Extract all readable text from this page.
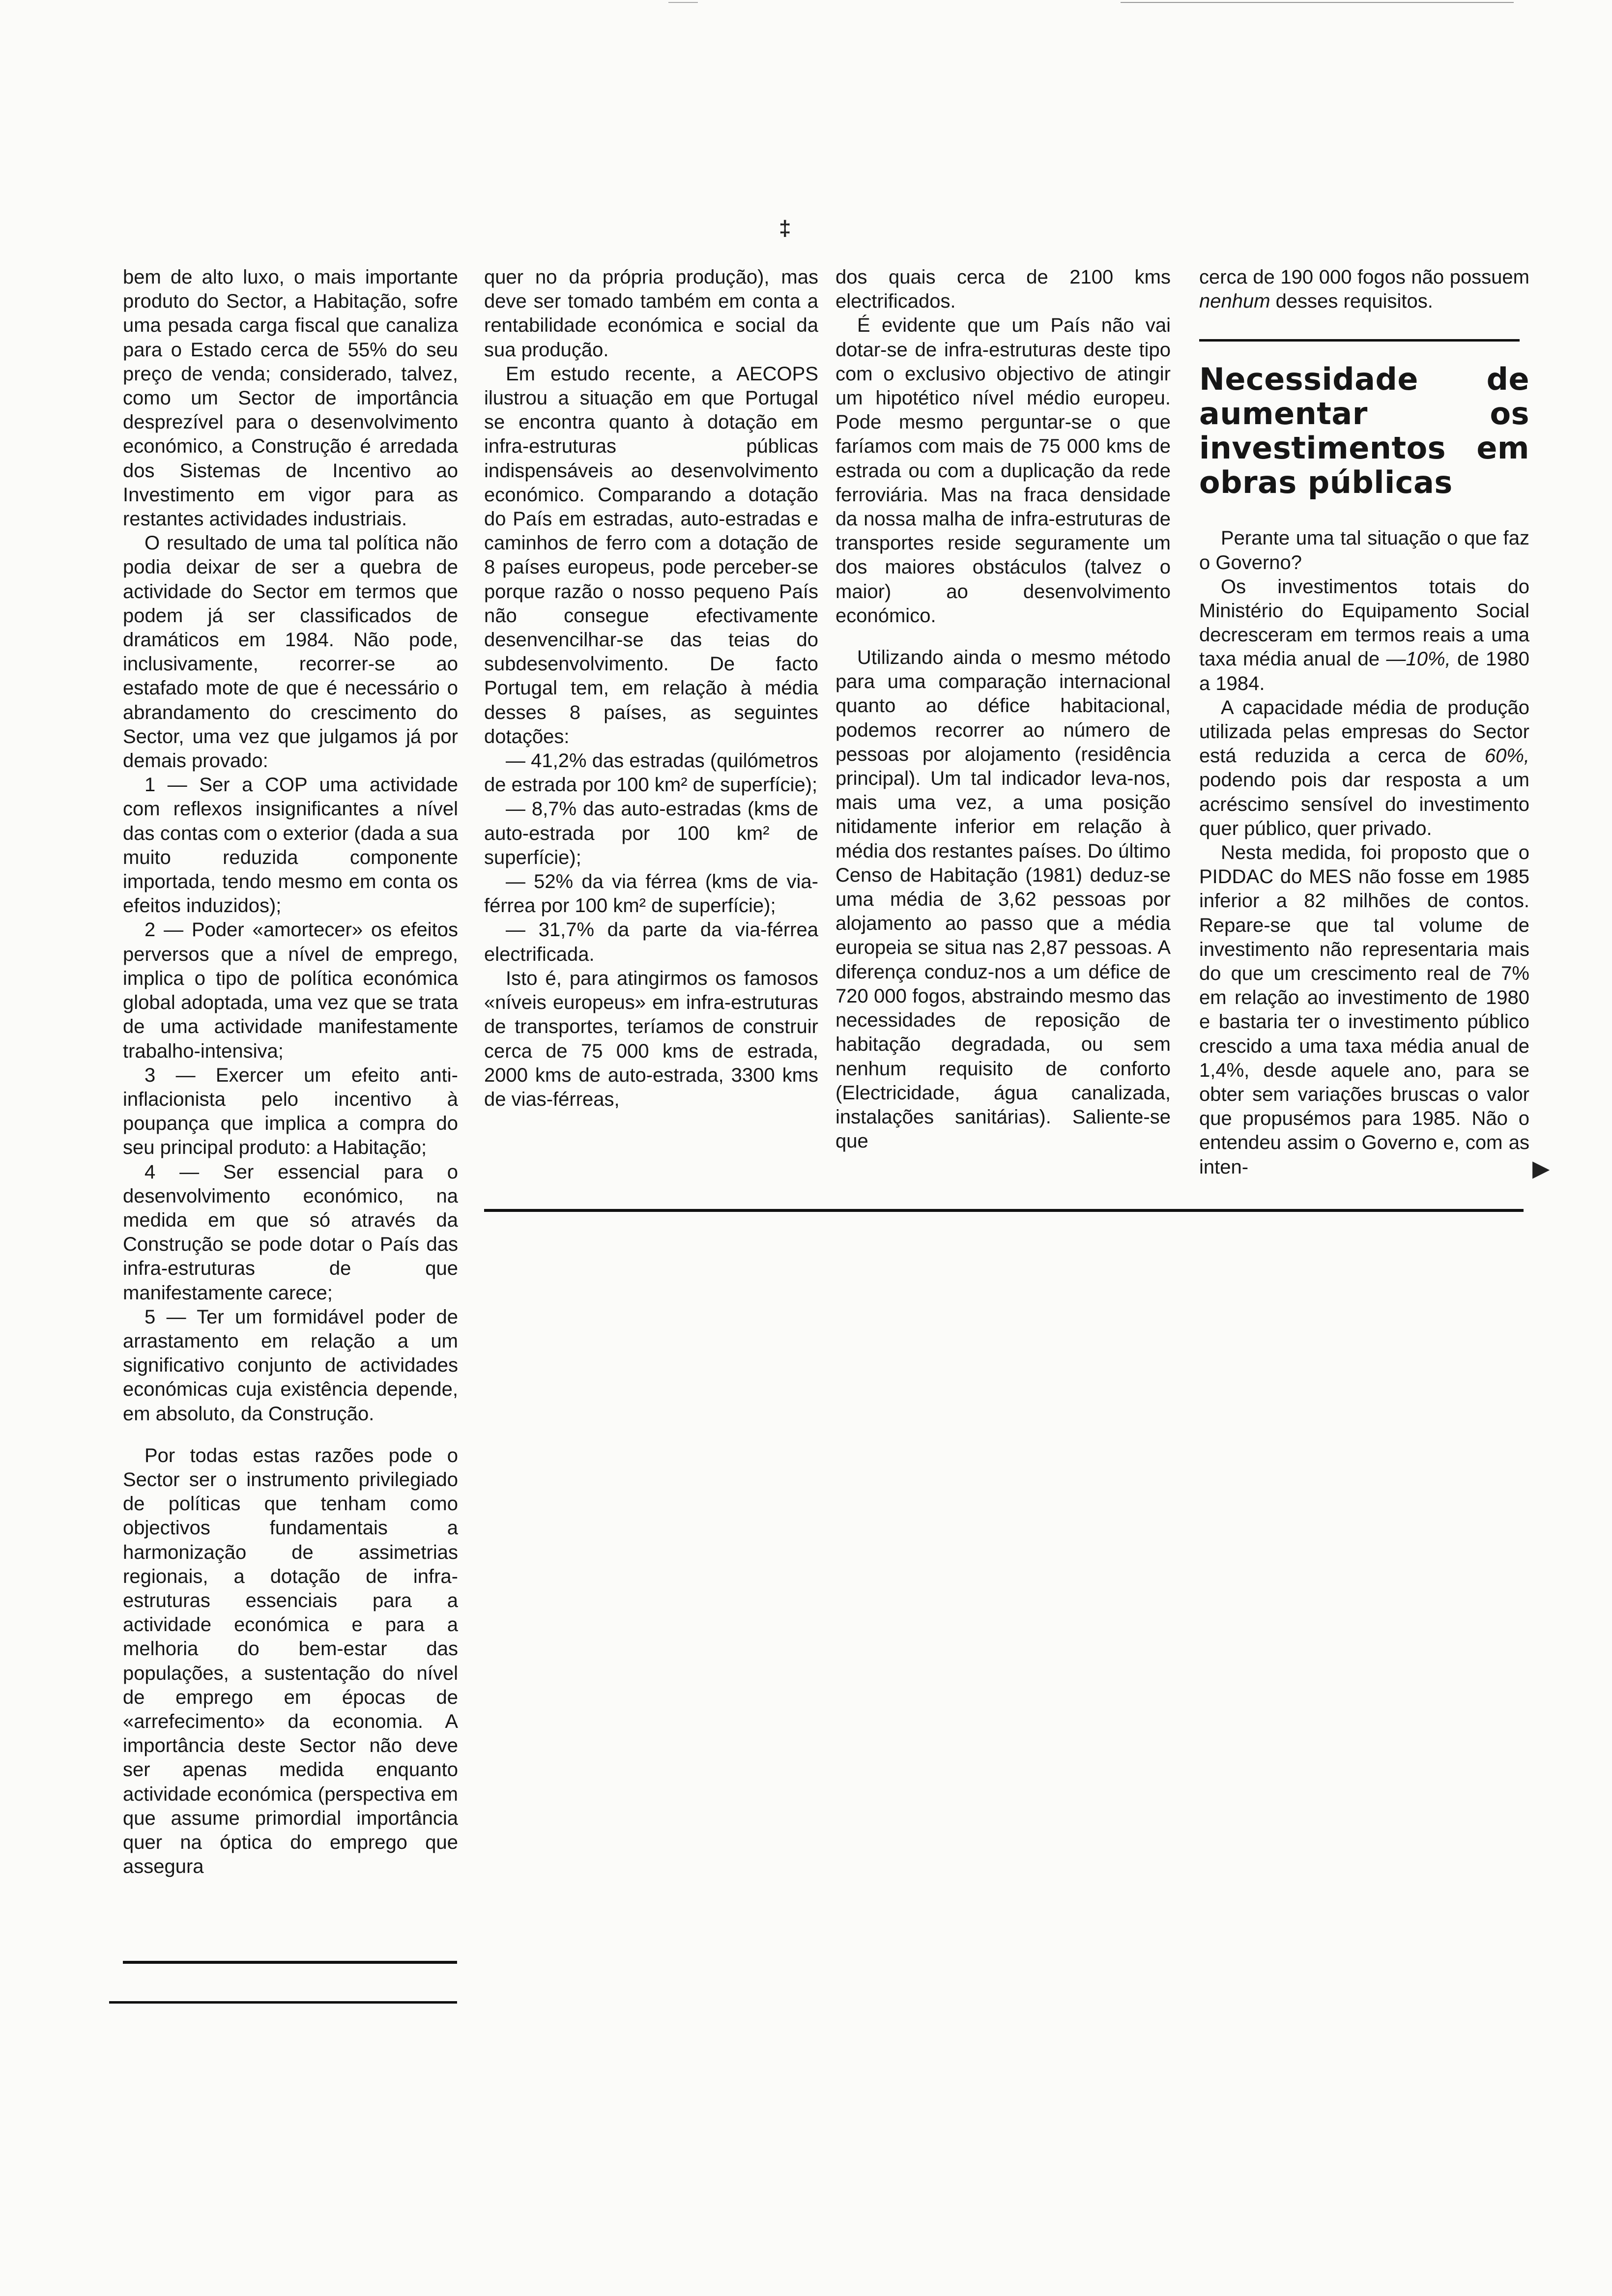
‡

bem de alto luxo, o mais importante produto do Sector, a Habitação, sofre uma pesada carga fiscal que canaliza para o Estado cerca de 55% do seu preço de venda; considerado, talvez, como um Sector de importância desprezível para o desenvolvimento económico, a Construção é arredada dos Sistemas de Incentivo ao Investimento em vigor para as restantes actividades industriais.

O resultado de uma tal política não podia deixar de ser a quebra de actividade do Sector em termos que podem já ser classificados de dramáticos em 1984. Não pode, inclusivamente, recorrer-se ao estafado mote de que é necessário o abrandamento do crescimento do Sector, uma vez que julgamos já por demais provado:

1 — Ser a COP uma actividade com reflexos insignificantes a nível das contas com o exterior (dada a sua muito reduzida componente importada, tendo mesmo em conta os efeitos induzidos);

2 — Poder «amortecer» os efeitos perversos que a nível de emprego, implica o tipo de política económica global adoptada, uma vez que se trata de uma actividade manifestamente trabalho-intensiva;

3 — Exercer um efeito anti-inflacionista pelo incentivo à poupança que implica a compra do seu principal produto: a Habitação;

4 — Ser essencial para o desenvolvimento económico, na medida em que só através da Construção se pode dotar o País das infra-estruturas de que manifestamente carece;

5 — Ter um formidável poder de arrastamento em relação a um significativo conjunto de actividades económicas cuja existência depende, em absoluto, da Construção.

Por todas estas razões pode o Sector ser o instrumento privilegiado de políticas que tenham como objectivos fundamentais a harmonização de assimetrias regionais, a dotação de infra-estruturas essenciais para a actividade económica e para a melhoria do bem-estar das populações, a sustentação do nível de emprego em épocas de «arrefecimento» da economia. A importância deste Sector não deve ser apenas medida enquanto actividade económica (perspectiva em que assume primordial importância quer na óptica do emprego que assegura

quer no da própria produção), mas deve ser tomado também em conta a rentabilidade económica e social da sua produção.

Em estudo recente, a AECOPS ilustrou a situação em que Portugal se encontra quanto à dotação em infra-estruturas públicas indispensáveis ao desenvolvimento económico. Comparando a dotação do País em estradas, auto-estradas e caminhos de ferro com a dotação de 8 países europeus, pode perceber-se porque razão o nosso pequeno País não consegue efectivamente desenvencilhar-se das teias do subdesenvolvimento. De facto Portugal tem, em relação à média desses 8 países, as seguintes dotações:

— 41,2% das estradas (quilómetros de estrada por 100 km² de superfície);

— 8,7% das auto-estradas (kms de auto-estrada por 100 km² de superfície);

— 52% da via férrea (kms de via-férrea por 100 km² de superfície);

— 31,7% da parte da via-férrea electrificada.

Isto é, para atingirmos os famosos «níveis europeus» em infra-estruturas de transportes, teríamos de construir cerca de 75 000 kms de estrada, 2000 kms de auto-estrada, 3300 kms de vias-férreas,

dos quais cerca de 2100 kms electrificados.

É evidente que um País não vai dotar-se de infra-estruturas deste tipo com o exclusivo objectivo de atingir um hipotético nível médio europeu. Pode mesmo perguntar-se o que faríamos com mais de 75 000 kms de estrada ou com a duplicação da rede ferroviária. Mas na fraca densidade da nossa malha de infra-estruturas de transportes reside seguramente um dos maiores obstáculos (talvez o maior) ao desenvolvimento económico.

Utilizando ainda o mesmo método para uma comparação internacional quanto ao défice habitacional, podemos recorrer ao número de pessoas por alojamento (residência principal). Um tal indicador leva-nos, mais uma vez, a uma posição nitidamente inferior em relação à média dos restantes países. Do último Censo de Habitação (1981) deduz-se uma média de 3,62 pessoas por alojamento ao passo que a média europeia se situa nas 2,87 pessoas. A diferença conduz-nos a um défice de 720 000 fogos, abstraindo mesmo das necessidades de reposição de habitação degradada, ou sem nenhum requisito de conforto (Electricidade, água canalizada, instalações sanitárias). Saliente-se que

cerca de 190 000 fogos não possuem nenhum desses requisitos.

Necessidade de aumentar os investimentos em obras públicas

Perante uma tal situação o que faz o Governo?

Os investimentos totais do Ministério do Equipamento Social decresceram em termos reais a uma taxa média anual de —10%, de 1980 a 1984.

A capacidade média de produção utilizada pelas empresas do Sector está reduzida a cerca de 60%, podendo pois dar resposta a um acréscimo sensível do investimento quer público, quer privado.

Nesta medida, foi proposto que o PIDDAC do MES não fosse em 1985 inferior a 82 milhões de contos. Repare-se que tal volume de investimento não representaria mais do que um crescimento real de 7% em relação ao investimento de 1980 e bastaria ter o investimento público crescido a uma taxa média anual de 1,4%, desde aquele ano, para se obter sem variações bruscas o valor que propusémos para 1985. Não o entendeu assim o Governo e, com as inten-	▶
